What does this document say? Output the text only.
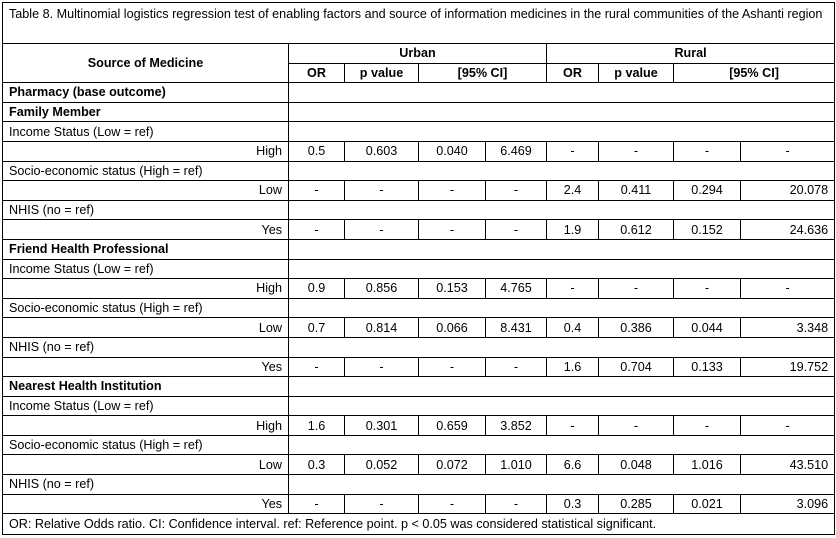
Table 8. Multinomial logistics regression test of enabling factors and source of information medicines in the rural communities of the Ashanti region								
Source of Medicine	Urban				Rural			
	OR	p value	[95% CI]		OR	p value	[95% CI]	
Pharmacy (base outcome)								
Family Member								
Income Status (Low = ref)								
High	0.5	0.603	0.040	6.469	-	-	-	-
Socio-economic status (High = ref)								
Low	-	-	-	-	2.4	0.411	0.294	20.078
NHIS (no = ref)								
Yes	-	-	-	-	1.9	0.612	0.152	24.636
Friend Health Professional								
Income Status (Low = ref)								
High	0.9	0.856	0.153	4.765	-	-	-	-
Socio-economic status (High = ref)								
Low	0.7	0.814	0.066	8.431	0.4	0.386	0.044	3.348
NHIS (no = ref)								
Yes	-	-	-	-	1.6	0.704	0.133	19.752
Nearest Health Institution								
Income Status (Low = ref)								
High	1.6	0.301	0.659	3.852	-	-	-	-
Socio-economic status (High = ref)								
Low	0.3	0.052	0.072	1.010	6.6	0.048	1.016	43.510
NHIS (no = ref)								
Yes	-	-	-	-	0.3	0.285	0.021	3.096
OR: Relative Odds ratio. CI: Confidence interval. ref: Reference point. p < 0.05 was considered statistical significant.								
